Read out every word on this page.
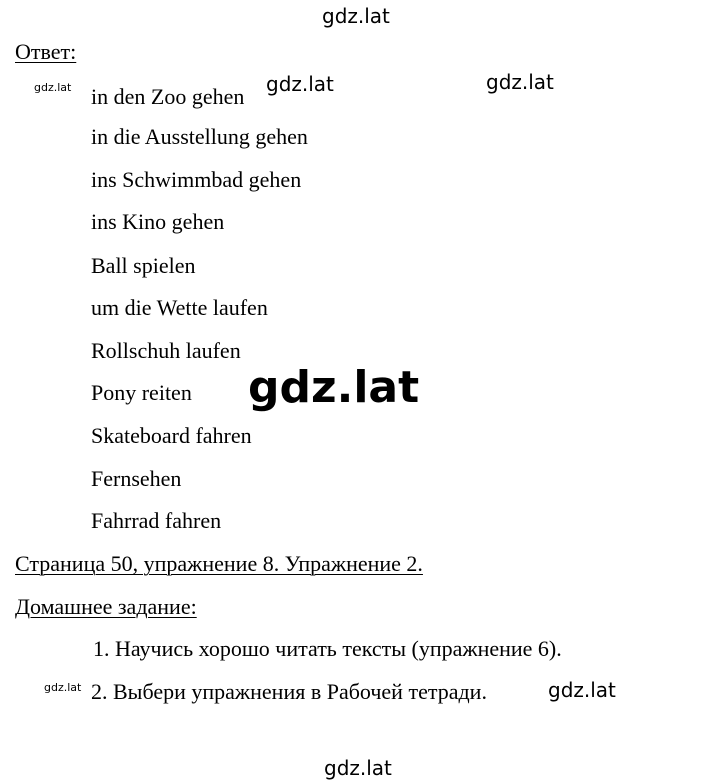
gdz.lat
gdz.lat	gdz.lat	gdz.lat
gdz.lat
gdz.lat	gdz.lat
gdz.lat
Ответ:
in den Zoo gehen
in die Ausstellung gehen
ins Schwimmbad gehen
ins Kino gehen
Ball spielen
um die Wette laufen
Rollschuh laufen
Pony reiten
Skateboard fahren
Fernsehen
Fahrrad fahren
Страница 50, упражнение 8. Упражнение 2.
Домашнее задание:
1. Научись хорошо читать тексты (упражнение 6).
2. Выбери упражнения в Рабочей тетради.
